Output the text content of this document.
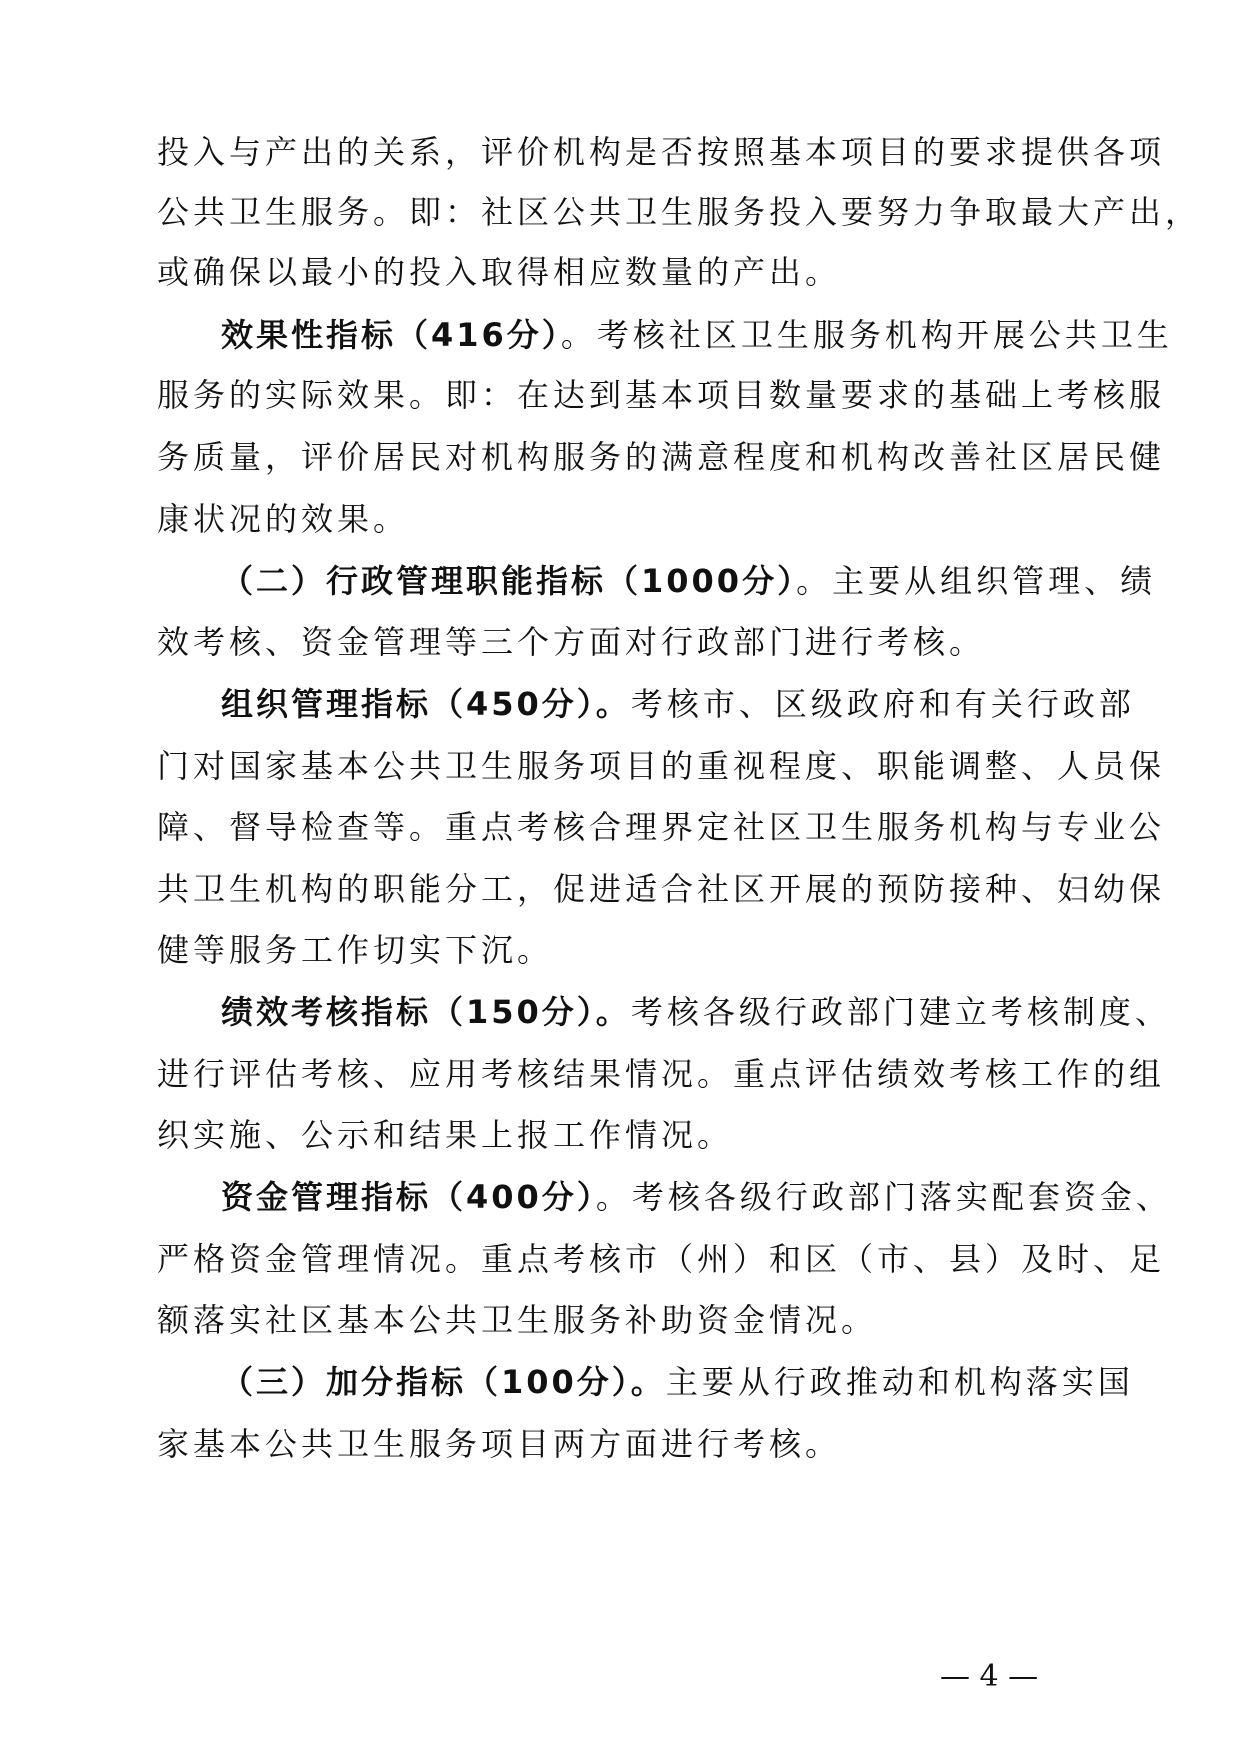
投入与产出的关系，评价机构是否按照基本项目的要求提供各项
公共卫生服务。即：社区公共卫生服务投入要努力争取最大产出，
或确保以最小的投入取得相应数量的产出。
效果性指标（416分）。考核社区卫生服务机构开展公共卫生
服务的实际效果。即：在达到基本项目数量要求的基础上考核服
务质量，评价居民对机构服务的满意程度和机构改善社区居民健
康状况的效果。
（二）行政管理职能指标（1000分）。主要从组织管理、绩
效考核、资金管理等三个方面对行政部门进行考核。
组织管理指标（450分）。考核市、区级政府和有关行政部
门对国家基本公共卫生服务项目的重视程度、职能调整、人员保
障、督导检查等。重点考核合理界定社区卫生服务机构与专业公
共卫生机构的职能分工，促进适合社区开展的预防接种、妇幼保
健等服务工作切实下沉。
绩效考核指标（150分）。考核各级行政部门建立考核制度、
进行评估考核、应用考核结果情况。重点评估绩效考核工作的组
织实施、公示和结果上报工作情况。
资金管理指标（400分）。考核各级行政部门落实配套资金、
严格资金管理情况。重点考核市（州）和区（市、县）及时、足
额落实社区基本公共卫生服务补助资金情况。
（三）加分指标（100分）。主要从行政推动和机构落实国
家基本公共卫生服务项目两方面进行考核。
— 4 —
